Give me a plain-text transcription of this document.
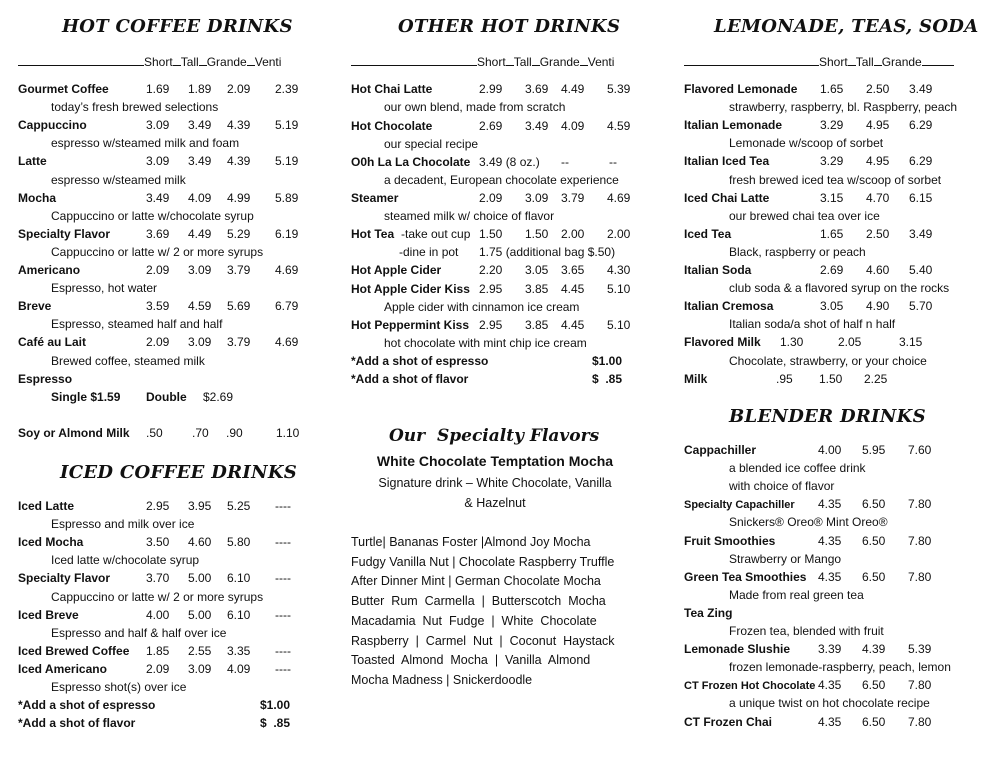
HOT COFFEE DRINKS
Short Tall Grande Venti
Gourmet Coffee	1.69 1.89 2.09 2.39
today’s fresh brewed selections
Cappuccino	3.09 3.49 4.39 5.19
espresso w/steamed milk and foam
Latte	3.09 3.49 4.39 5.19
espresso w/steamed milk
Mocha	3.49 4.09 4.99 5.89
Cappuccino or latte w/chocolate syrup
Specialty Flavor	3.69 4.49 5.29 6.19
Cappuccino or latte w/ 2 or more syrups
Americano	2.09 3.09 3.79 4.69
Espresso, hot water
Breve	3.59 4.59 5.69 6.79
Espresso, steamed half and half
Café au Lait	2.09 3.09 3.79 4.69
Brewed coffee, steamed milk
Espresso
Single $1.59 Double $2.69
Soy or Almond Milk .50 .70 .90	1.10
ICED COFFEE DRINKS
Iced Latte	2.95 3.95 5.25 ----
Espresso and milk over ice
Iced Mocha	3.50 4.60 5.80 ----
Iced latte w/chocolate syrup
Specialty Flavor	3.70 5.00 6.10 ----
Cappuccino or latte w/ 2 or more syrups
Iced Breve	4.00 5.00 6.10 ----
Espresso and half & half over ice
Iced Brewed Coffee 1.85 2.55 3.35 ----
Iced Americano	2.09 3.09 4.09 ----
Espresso shot(s) over ice
*Add a shot of espresso	$1.00
*Add a shot of flavor	$  .85
OTHER HOT DRINKS
Short Tall Grande Venti
Hot Chai Latte	2.99 3.69 4.49 5.39
our own blend, made from scratch
Hot Chocolate	2.69 3.49 4.09 4.59
our special recipe
O0h La La Chocolate 3.49 (8 oz.) --	--
a decadent, European chocolate experience
Steamer	2.09 3.09 3.79 4.69
steamed milk w/ choice of flavor
Hot Tea -take out cup 1.50 1.50 2.00 2.00
-dine in pot 1.75 (additional bag $.50)
Hot Apple Cider	2.20 3.05 3.65 4.30
Hot Apple Cider Kiss 2.95 3.85 4.45 5.10
Apple cider with cinnamon ice cream
Hot Peppermint Kiss 2.95 3.85 4.45 5.10
hot chocolate with mint chip ice cream
*Add a shot of espresso	$1.00
*Add a shot of flavor	$  .85
Our  Specialty Flavors
White Chocolate Temptation Mocha
Signature drink – White Chocolate, Vanilla
& Hazelnut
Turtle| Bananas Foster |Almond Joy Mocha
Fudgy Vanilla Nut | Chocolate Raspberry Truffle
After Dinner Mint | German Chocolate Mocha
Butter  Rum  Carmella  |  Butterscotch  Mocha
Macadamia  Nut  Fudge  |  White  Chocolate
Raspberry  |  Carmel  Nut  |  Coconut  Haystack
Toasted  Almond  Mocha  |  Vanilla  Almond
Mocha Madness | Snickerdoodle
LEMONADE, TEAS, SODA
Short Tall Grande
Flavored Lemonade 1.65 2.50 3.49
strawberry, raspberry, bl. Raspberry, peach
Italian Lemonade	3.29 4.95 6.29
Lemonade w/scoop of sorbet
Italian Iced Tea	3.29 4.95 6.29
fresh brewed iced tea w/scoop of sorbet
Iced Chai Latte	3.15 4.70 6.15
our brewed chai tea over ice
Iced Tea	1.65 2.50 3.49
Black, raspberry or peach
Italian Soda	2.69 4.60 5.40
club soda & a flavored syrup on the rocks
Italian Cremosa	3.05 4.90 5.70
Italian soda/a shot of half n half
Flavored Milk 1.30	2.05	3.15
Chocolate, strawberry, or your choice
Milk	.95 1.50 2.25
BLENDER DRINKS
Cappachiller	4.00 5.95 7.60
a blended ice coffee drink
with choice of flavor
Specialty Capachiller 4.35 6.50 7.80
Snickers® Oreo® Mint Oreo®
Fruit Smoothies	4.35 6.50 7.80
Strawberry or Mango
Green Tea Smoothies 4.35 6.50 7.80
Made from real green tea
Tea Zing
Frozen tea, blended with fruit
Lemonade Slushie 3.39 4.39 5.39
frozen lemonade-raspberry, peach, lemon
CT Frozen Hot Chocolate 4.35 6.50 7.80
a unique twist on hot chocolate recipe
CT Frozen Chai	4.35 6.50 7.80
